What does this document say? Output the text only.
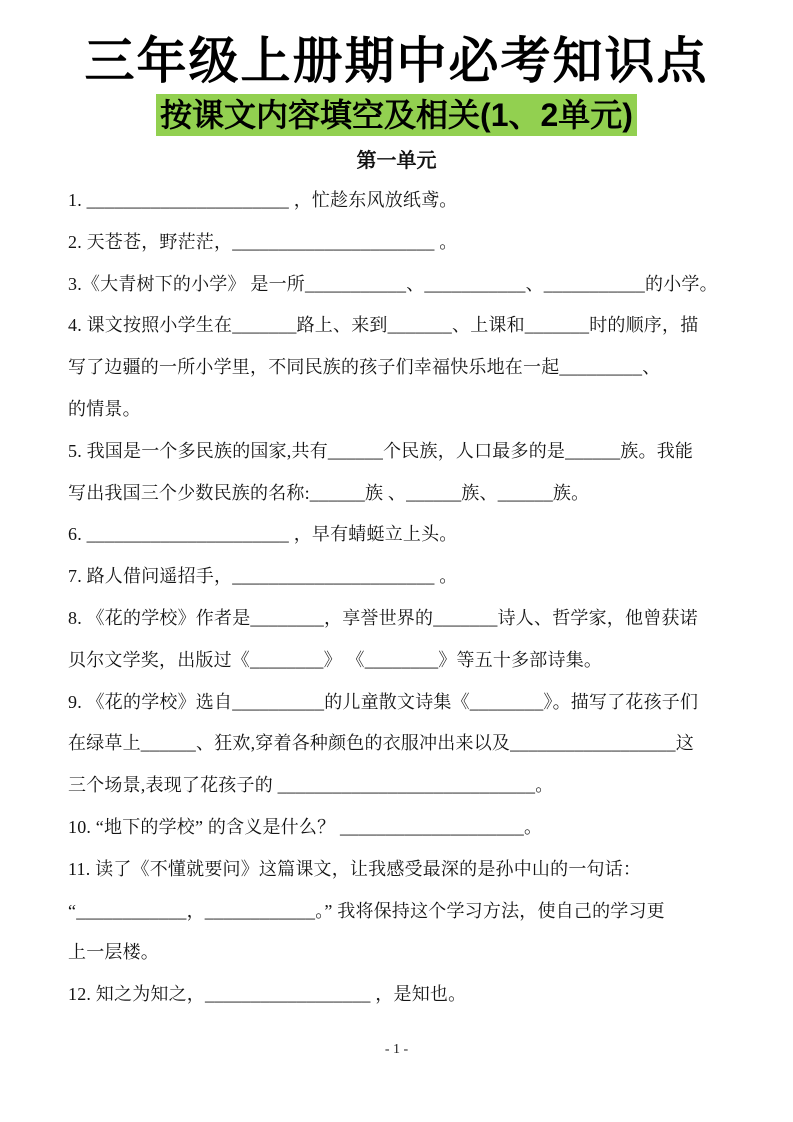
三年级上册期中必考知识点
按课文内容填空及相关(1、2单元)
第一单元
1. ______________________ ，忙趁东风放纸鸢。
2. 天苍苍，野茫茫，______________________ 。
3.《大青树下的小学》 是一所___________、___________、___________的小学。
4. 课文按照小学生在_______路上、来到_______、上课和_______时的顺序，描
写了边疆的一所小学里，不同民族的孩子们幸福快乐地在一起_________、
的情景。
5. 我国是一个多民族的国家,共有______个民族，人口最多的是______族。我能
写出我国三个少数民族的名称:______族 、______族、______族。
6. ______________________ ，早有蜻蜓立上头。
7. 路人借问遥招手，______________________ 。
8. 《花的学校》作者是________，享誉世界的_______诗人、哲学家，他曾获诺
贝尔文学奖，出版过《________》 《________》等五十多部诗集。
9. 《花的学校》选自__________的儿童散文诗集《________》。描写了花孩子们
在绿草上______、狂欢,穿着各种颜色的衣服冲出来以及__________________这
三个场景,表现了花孩子的 ____________________________。
10. “地下的学校” 的含义是什么？ ____________________。
11. 读了《不懂就要问》这篇课文，让我感受最深的是孙中山的一句话：
“____________，____________。” 我将保持这个学习方法，使自己的学习更
上一层楼。
12. 知之为知之，__________________ ，是知也。
- 1 -
